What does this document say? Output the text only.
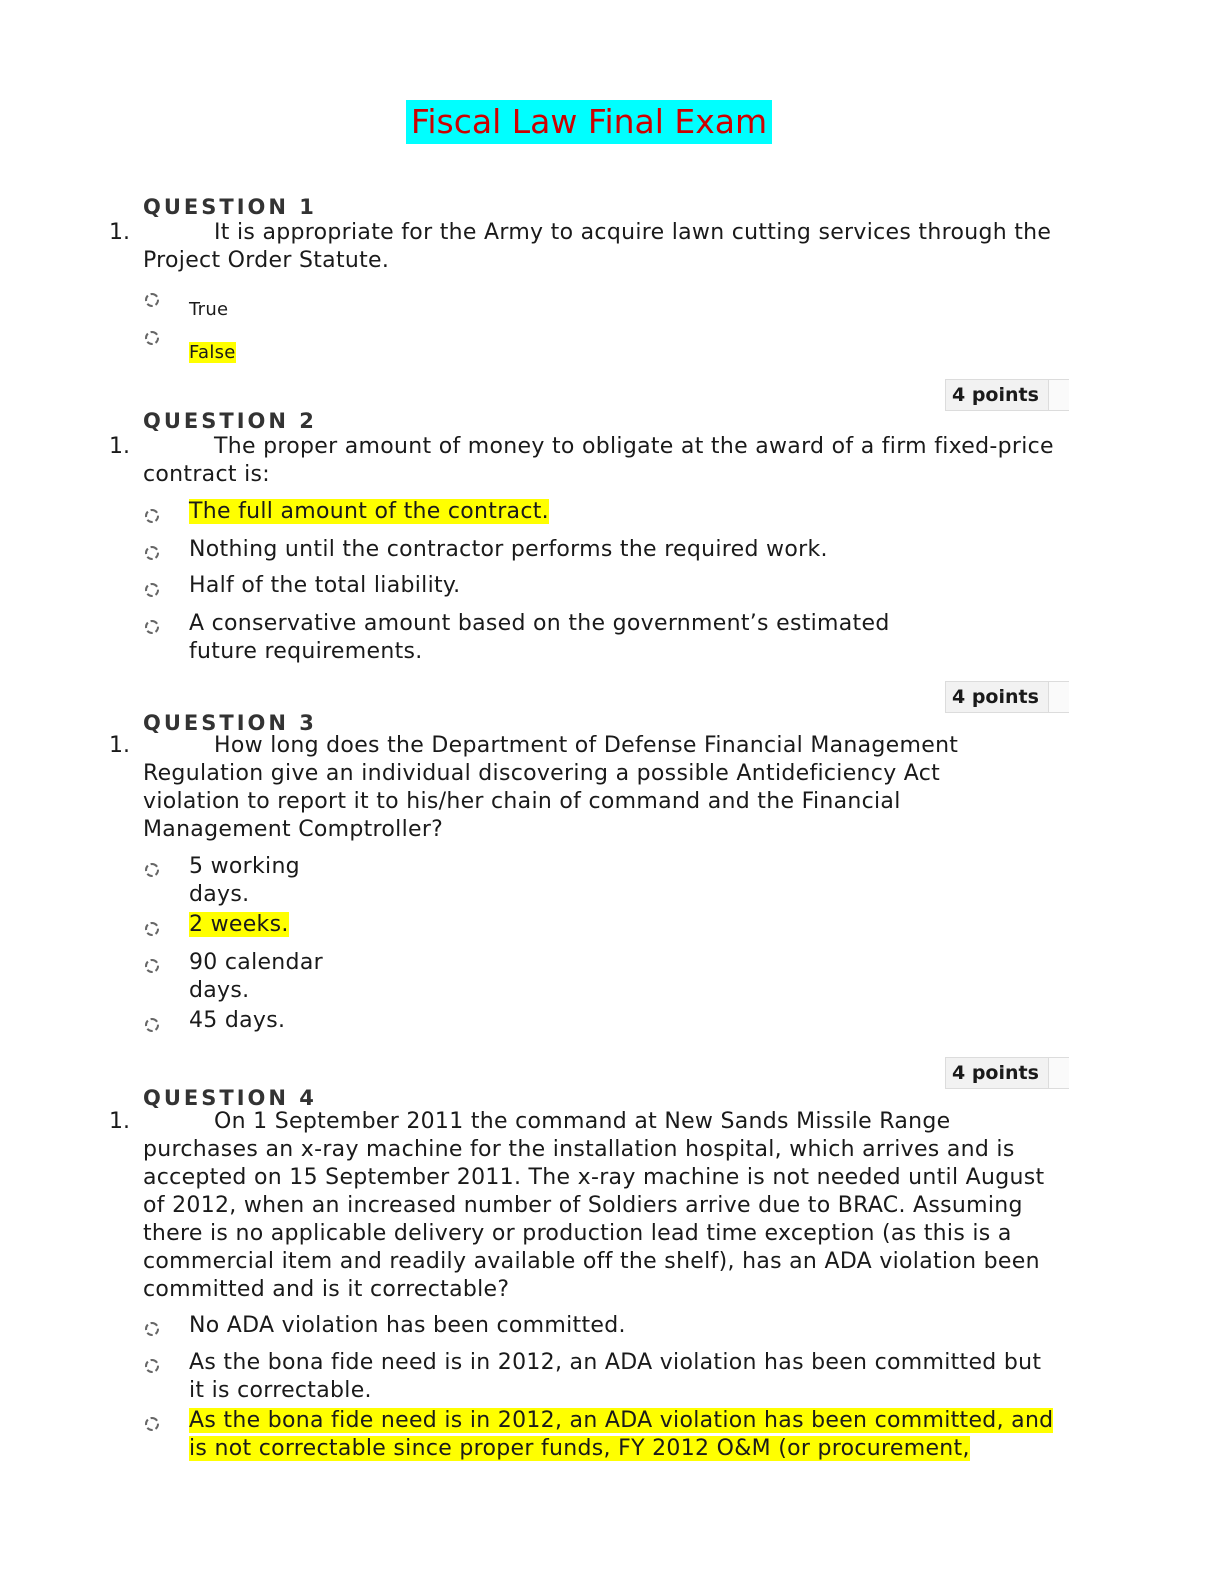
Fiscal Law Final Exam
QUESTION 1
1.	It is appropriate for the Army to acquire lawn cutting services through the Project Order Statute.
True
False
4 points
QUESTION 2
1.	The proper amount of money to obligate at the award of a firm fixed-price contract is:
The full amount of the contract.
Nothing until the contractor performs the required work.
Half of the total liability.
A conservative amount based on the government’s estimated future requirements.
4 points
QUESTION 3
1.	How long does the Department of Defense Financial Management Regulation give an individual discovering a possible Antideficiency Act violation to report it to his/her chain of command and the Financial Management Comptroller?
5 working days.
2 weeks.
90 calendar days.
45 days.
4 points
QUESTION 4
1.	On 1 September 2011 the command at New Sands Missile Range purchases an x-ray machine for the installation hospital, which arrives and is accepted on 15 September 2011. The x-ray machine is not needed until August of 2012, when an increased number of Soldiers arrive due to BRAC. Assuming there is no applicable delivery or production lead time exception (as this is a commercial item and readily available off the shelf), has an ADA violation been committed and is it correctable?
No ADA violation has been committed.
As the bona fide need is in 2012, an ADA violation has been committed but it is correctable.
As the bona fide need is in 2012, an ADA violation has been committed, and is not correctable since proper funds, FY 2012 O&M (or procurement,
